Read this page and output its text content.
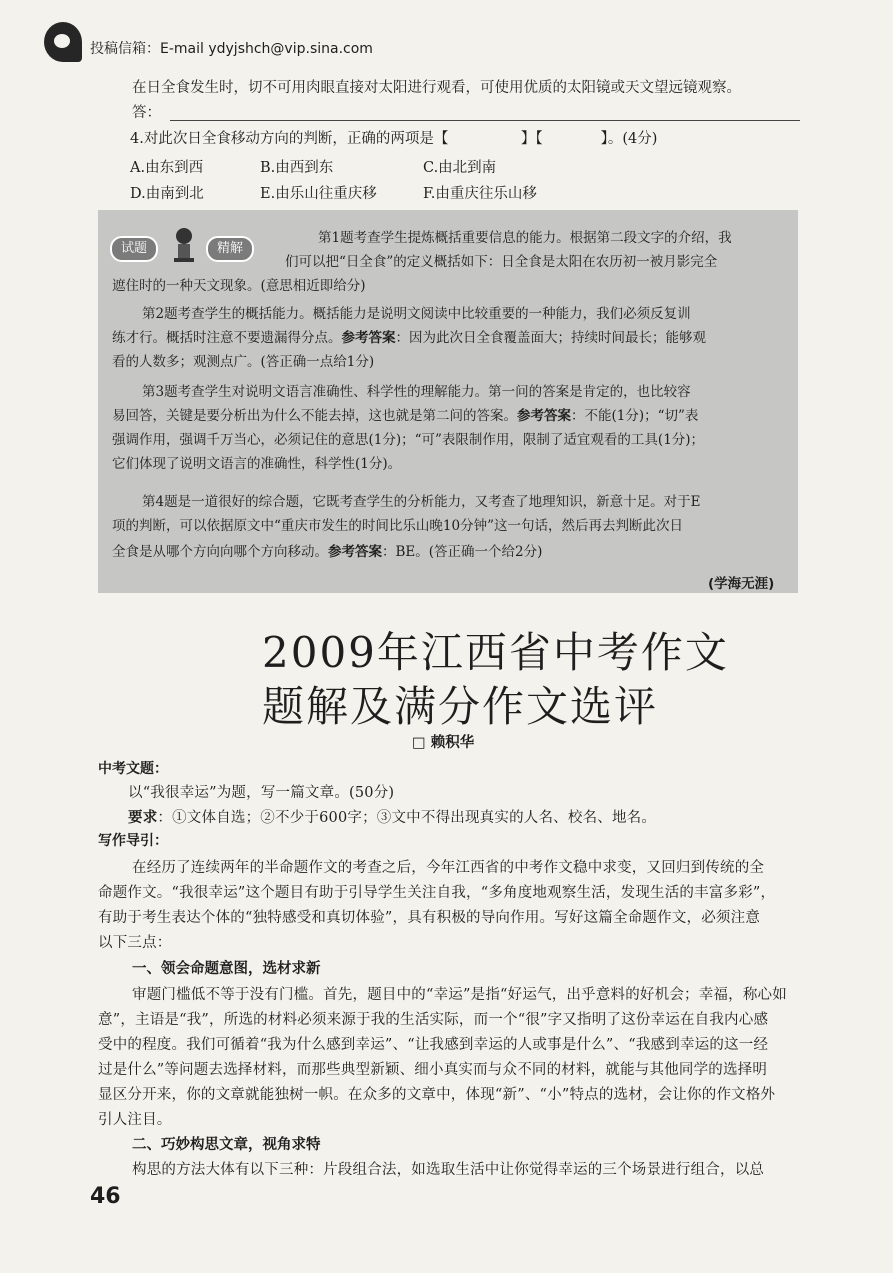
投稿信箱：E-mail ydyjshch@vip.sina.com
在日全食发生时，切不可用肉眼直接对太阳进行观看，可使用优质的太阳镜或天文望远镜观察。
答：
4.对此次日全食移动方向的判断，正确的两项是【　　　　　】【　　　　】。(4分)
A.由东到西	B.由西到东	C.由北到南
D.由南到北	E.由乐山往重庆移	F.由重庆往乐山移
试题	精解
第1题考查学生提炼概括重要信息的能力。根据第二段文字的介绍，我
们可以把“日全食”的定义概括如下：日全食是太阳在农历初一被月影完全
遮住时的一种天文现象。(意思相近即给分)
第2题考查学生的概括能力。概括能力是说明文阅读中比较重要的一种能力，我们必须反复训
练才行。概括时注意不要遗漏得分点。参考答案：因为此次日全食覆盖面大；持续时间最长；能够观
看的人数多；观测点广。(答正确一点给1分)
第3题考查学生对说明文语言准确性、科学性的理解能力。第一问的答案是肯定的，也比较容
易回答，关键是要分析出为什么不能去掉，这也就是第二问的答案。参考答案：不能(1分)；“切”表
强调作用，强调千万当心，必须记住的意思(1分)；“可”表限制作用，限制了适宜观看的工具(1分)；
它们体现了说明文语言的准确性，科学性(1分)。
第4题是一道很好的综合题，它既考查学生的分析能力，又考查了地理知识，新意十足。对于E
项的判断，可以依据原文中“重庆市发生的时间比乐山晚10分钟”这一句话，然后再去判断此次日
全食是从哪个方向向哪个方向移动。参考答案：BE。(答正确一个给2分)
(学海无涯)
2009年江西省中考作文
题解及满分作文选评
□ 赖积华
中考文题：
以“我很幸运”为题，写一篇文章。(50分)
要求：①文体自选；②不少于600字；③文中不得出现真实的人名、校名、地名。
写作导引：
在经历了连续两年的半命题作文的考查之后，今年江西省的中考作文稳中求变，又回归到传统的全
命题作文。“我很幸运”这个题目有助于引导学生关注自我，“多角度地观察生活，发现生活的丰富多彩”，
有助于考生表达个体的“独特感受和真切体验”，具有积极的导向作用。写好这篇全命题作文，必须注意
以下三点：
一、领会命题意图，选材求新
审题门槛低不等于没有门槛。首先，题目中的“幸运”是指“好运气，出乎意料的好机会；幸福，称心如
意”，主语是“我”，所选的材料必须来源于我的生活实际，而一个“很”字又指明了这份幸运在自我内心感
受中的程度。我们可循着“我为什么感到幸运”、“让我感到幸运的人或事是什么”、“我感到幸运的这一经
过是什么”等问题去选择材料，而那些典型新颖、细小真实而与众不同的材料，就能与其他同学的选择明
显区分开来，你的文章就能独树一帜。在众多的文章中，体现“新”、“小”特点的选材，会让你的作文格外
引人注目。
二、巧妙构思文章，视角求特
构思的方法大体有以下三种：片段组合法，如选取生活中让你觉得幸运的三个场景进行组合，以总
46
